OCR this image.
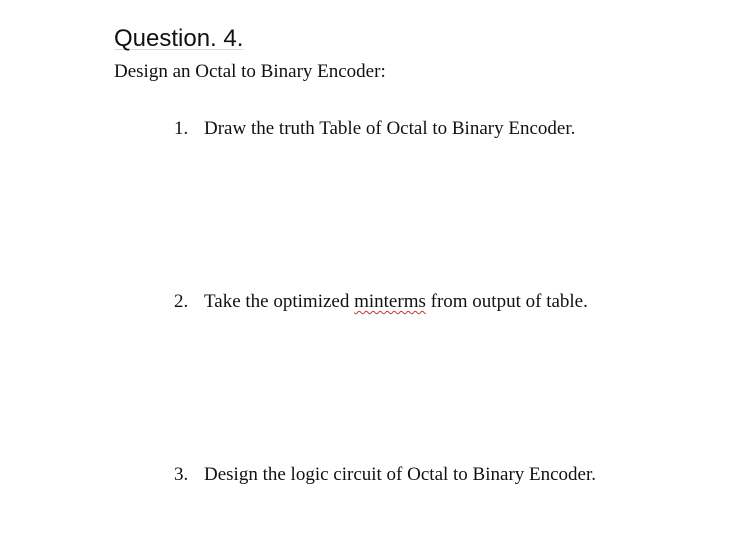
Question. 4.
Design an Octal to Binary Encoder:
1. Draw the truth Table of Octal to Binary Encoder.
2. Take the optimized minterms from output of table.
3. Design the logic circuit of Octal to Binary Encoder.
